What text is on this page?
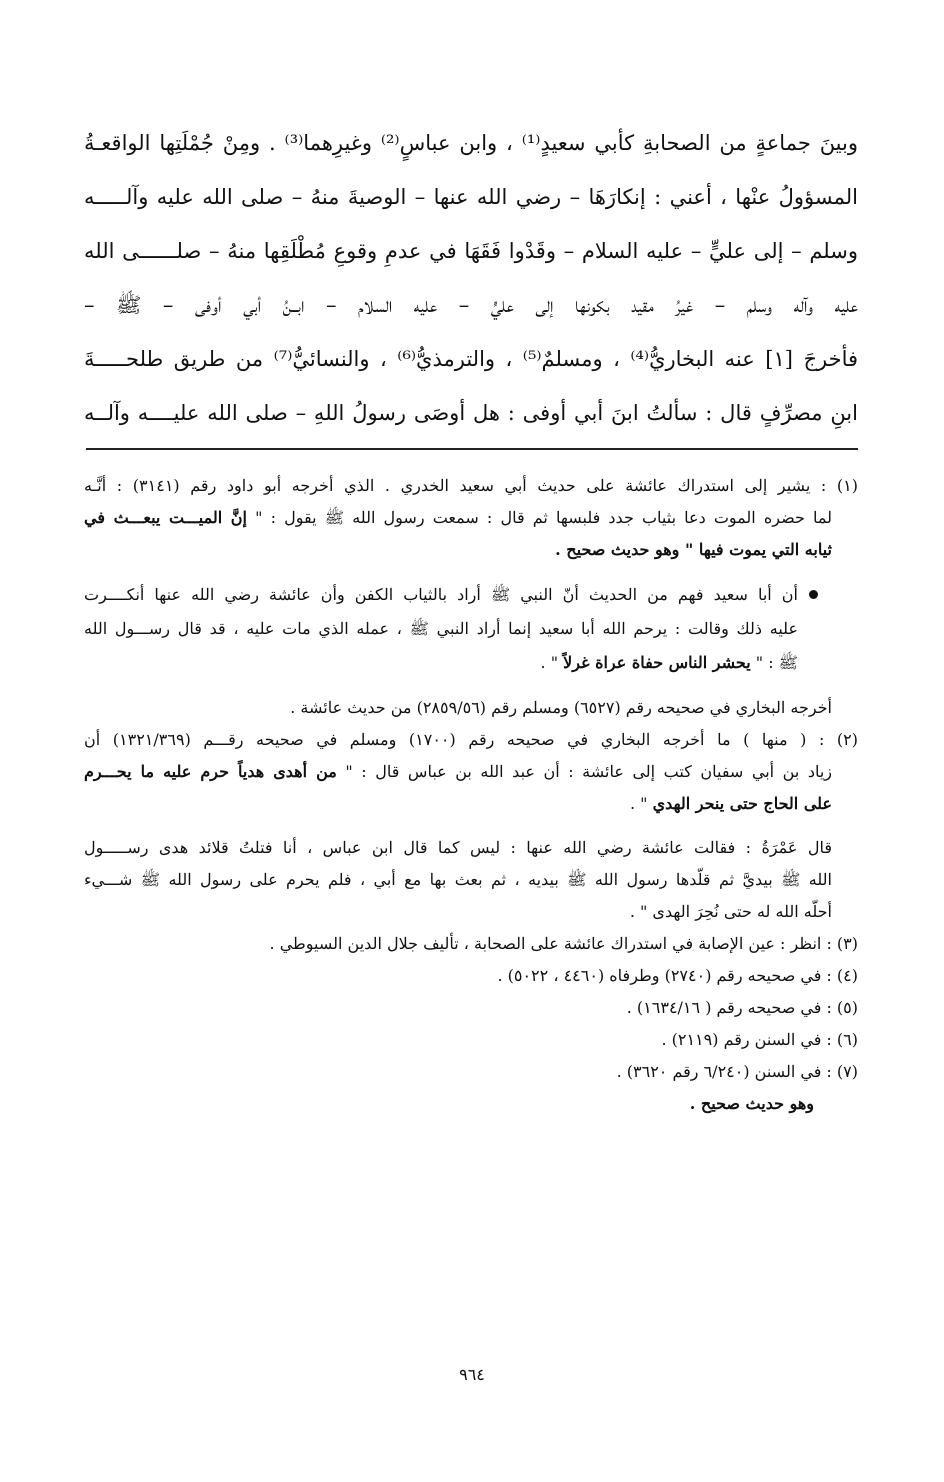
وبينَ جماعةٍ من الصحابةِ كأبي سعيدٍ⁽¹⁾ ، وابن عباسٍ⁽²⁾ وغيرِهما⁽³⁾ . ومِنْ جُمْلَتِها الواقعـةُ
المسؤولُ عنْها ، أعني : إنكارَهَا – رضي الله عنها – الوصيةَ منهُ – صلى الله عليه وآلـــــه
وسلم – إلى عليٍّ – عليه السلام – وقَدْوا فَقَهَا في عدمِ وقوعِ مُطْلَقِها منهُ – صلــــــى الله
عليه وآله وسلم – غيرُ مقيد بكونها إلى عليٍّ – عليه السلام – ابــنُ أبي أوفى – ﷺ –
فأخرجَ [١] عنه البخاريُّ⁽⁴⁾ ، ومسلمٌ⁽⁵⁾ ، والترمذيُّ⁽⁶⁾ ، والنسائيُّ⁽⁷⁾ من طريق طلحـــــةَ
ابنِ مصرِّفٍ قال : سألتُ ابنَ أبي أوفى : هل أوصَى رسولُ اللهِ – صلى الله عليــــه وآلــه
(١) : يشير إلى استدراك عائشة على حديث أبي سعيد الخدري . الذي أخرجه أبو داود رقم (٣١٤١) : أنَّـه
لما حضره الموت دعا بثياب جدد فلبسها ثم قال : سمعت رسول الله ﷺ يقول : " إنَّ الميـــت يبعـــث في
ثيابه التي يموت فيها " وهو حديث صحيح .
أن أبا سعيد فهم من الحديث أنّ النبي ﷺ أراد بالثياب الكفن وأن عائشة رضي الله عنها أنكــــرت
عليه ذلك وقالت : يرحم الله أبا سعيد إنما أراد النبي ﷺ ، عمله الذي مات عليه ، قد قال رســـول الله
ﷺ : " يحشر الناس حفاة عراة غرلاً " .
أخرجه البخاري في صحيحه رقم (٦٥٢٧) ومسلم رقم (٢٨٥٩/٥٦) من حديث عائشة .
(٢) : ( منها ) ما أخرجه البخاري في صحيحه رقم (١٧٠٠) ومسلم في صحيحه رقـــم (١٣٢١/٣٦٩) أن
زياد بن أبي سفيان كتب إلى عائشة : أن عبد الله بن عباس قال : " من أهدى هدياً حرم عليه ما يحـــرم
على الحاج حتى ينحر الهدي " .
قال عَمْرَةُ : فقالت عائشة رضي الله عنها : ليس كما قال ابن عباس ، أنا فتلتُ قلائد هدى رســـــول
الله ﷺ بيديَّ ثم قلّدها رسول الله ﷺ بيديه ، ثم بعث بها مع أبي ، فلم يحرم على رسول الله ﷺ شـــيء
أحلّه الله له حتى نُحِرَ الهدى " .
(٣) : انظر : عين الإصابة في استدراك عائشة على الصحابة ، تأليف جلال الدين السيوطي .
(٤) : في صحيحه رقم (٢٧٤٠) وطرفاه (٤٤٦٠ ، ٥٠٢٢) .
(٥) : في صحيحه رقم ( ١٦٣٤/١٦) .
(٦) : في السنن رقم (٢١١٩) .
(٧) : في السنن (٦/٢٤٠ رقم ٣٦٢٠) .
وهو حديث صحيح .
٩٦٤
